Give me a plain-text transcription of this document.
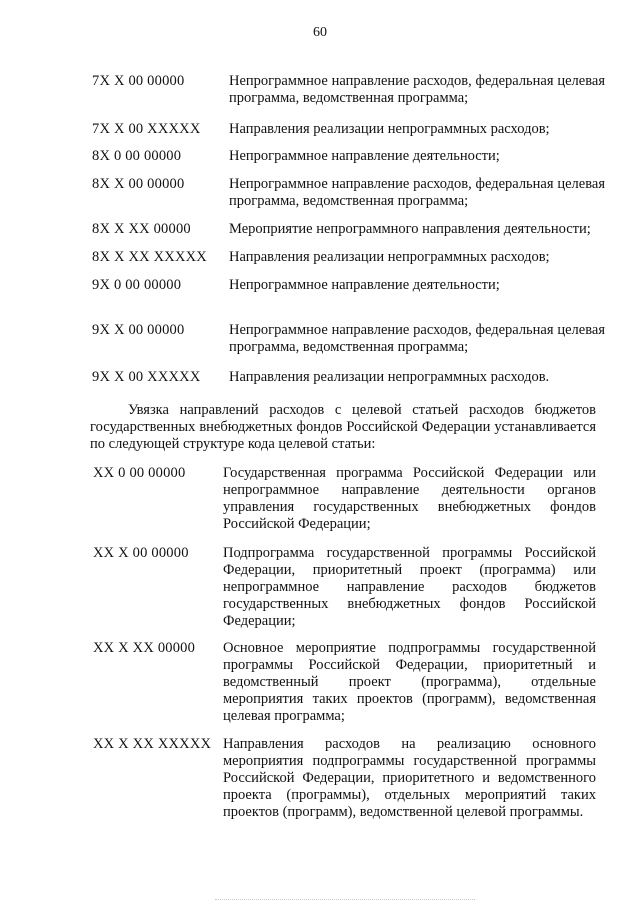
60
7X X 00 00000	Непрограммное направление расходов, федеральная целевая программа, ведомственная программа;
7X X 00 XXXXX Направления реализации непрограммных расходов;
8X 0 00 00000	Непрограммное направление деятельности;
8X X 00 00000	Непрограммное направление расходов, федеральная целевая программа, ведомственная программа;
8X X XX 00000	Мероприятие непрограммного направления деятельности;
8X X XX XXXXX Направления реализации непрограммных расходов;
9X 0 00 00000	Непрограммное направление деятельности;
9X X 00 00000	Непрограммное направление расходов, федеральная целевая программа, ведомственная программа;
9X X 00 XXXXX Направления реализации непрограммных расходов.
Увязка направлений расходов с целевой статьей расходов бюджетов государственных внебюджетных фондов Российской Федерации устанавливается по следующей структуре кода целевой статьи:
XX 0 00 00000	Государственная программа Российской Федерации или непрограммное направление деятельности органов управления государственных внебюджетных фондов Российской Федерации;
XX X 00 00000 Подпрограмма государственной программы Российской Федерации, приоритетный проект (программа) или непрограммное направление расходов бюджетов государственных внебюджетных фондов Российской Федерации;
XX X XX 00000 Основное мероприятие подпрограммы государственной программы Российской Федерации, приоритетный и ведомственный проект (программа), отдельные мероприятия таких проектов (программ), ведомственная целевая программа;
XX X XX XXXXX Направления расходов на реализацию основного мероприятия подпрограммы государственной программы Российской Федерации, приоритетного и ведомственного проекта (программы), отдельных мероприятий таких проектов (программ), ведомственной целевой программы.
